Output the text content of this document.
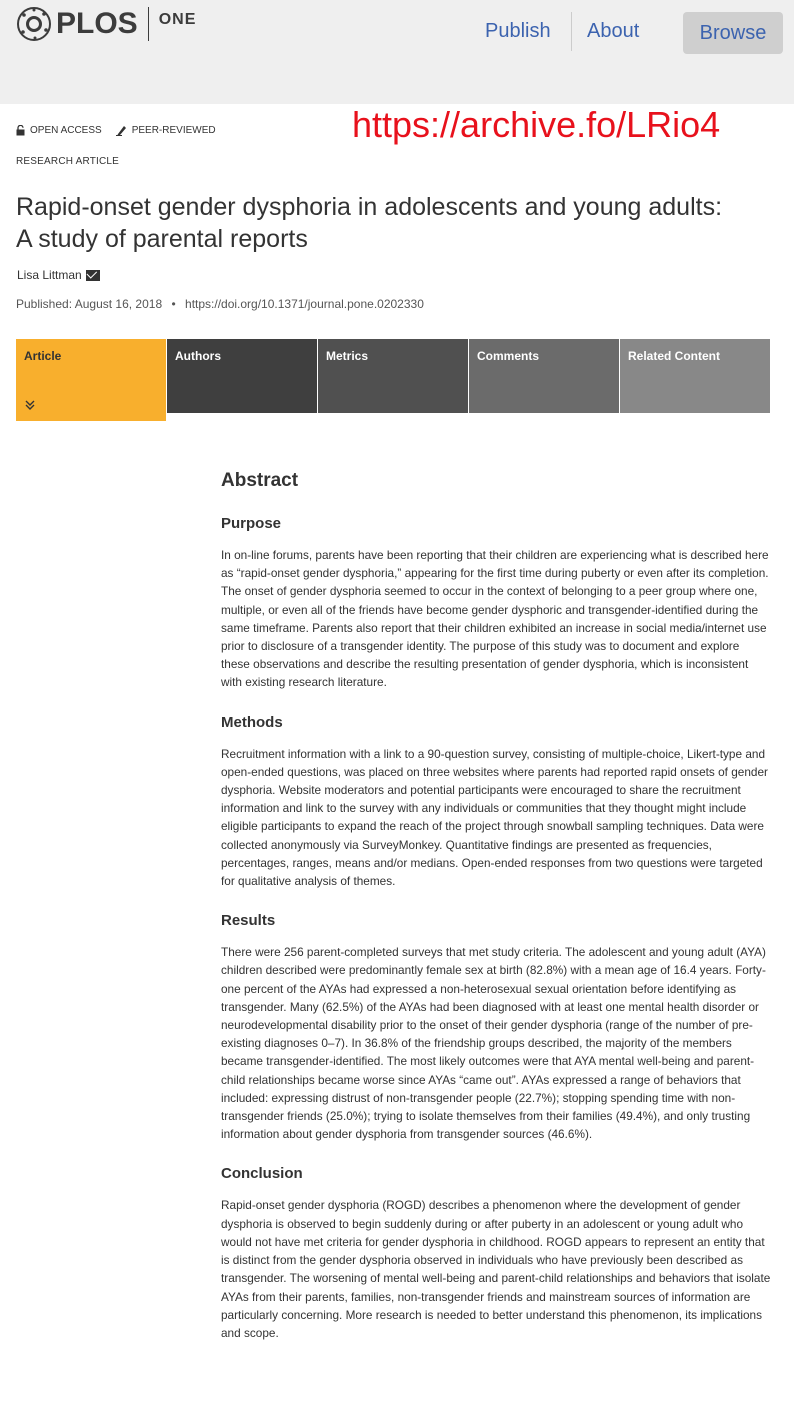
PLOS ONE
Publish About	Browse
OPEN ACCESS	PEER-REVIEWED	https://archive.fo/LRio4
RESEARCH ARTICLE
Rapid-onset gender dysphoria in adolescents and young adults: A study of parental reports
Lisa Littman
Published: August 16, 2018 • https://doi.org/10.1371/journal.pone.0202330
Article	Authors	Metrics	Comments	Related Content
Abstract
Purpose

In on-line forums, parents have been reporting that their children are experiencing what is described here as “rapid-onset gender dysphoria,” appearing for the first time during puberty or even after its completion. The onset of gender dysphoria seemed to occur in the context of belonging to a peer group where one, multiple, or even all of the friends have become gender dysphoric and transgender-identified during the same timeframe. Parents also report that their children exhibited an increase in social media/internet use prior to disclosure of a transgender identity. The purpose of this study was to document and explore these observations and describe the resulting presentation of gender dysphoria, which is inconsistent with existing research literature.

Methods

Recruitment information with a link to a 90-question survey, consisting of multiple-choice, Likert-type and open-ended questions, was placed on three websites where parents had reported rapid onsets of gender dysphoria. Website moderators and potential participants were encouraged to share the recruitment information and link to the survey with any individuals or communities that they thought might include eligible participants to expand the reach of the project through snowball sampling techniques. Data were collected anonymously via SurveyMonkey. Quantitative findings are presented as frequencies, percentages, ranges, means and/or medians. Open-ended responses from two questions were targeted for qualitative analysis of themes.

Results

There were 256 parent-completed surveys that met study criteria. The adolescent and young adult (AYA) children described were predominantly female sex at birth (82.8%) with a mean age of 16.4 years. Forty-one percent of the AYAs had expressed a non-heterosexual sexual orientation before identifying as transgender. Many (62.5%) of the AYAs had been diagnosed with at least one mental health disorder or neurodevelopmental disability prior to the onset of their gender dysphoria (range of the number of pre-existing diagnoses 0–7). In 36.8% of the friendship groups described, the majority of the members became transgender-identified. The most likely outcomes were that AYA mental well-being and parent-child relationships became worse since AYAs “came out”. AYAs expressed a range of behaviors that included: expressing distrust of non-transgender people (22.7%); stopping spending time with non-transgender friends (25.0%); trying to isolate themselves from their families (49.4%), and only trusting information about gender dysphoria from transgender sources (46.6%).

Conclusion

Rapid-onset gender dysphoria (ROGD) describes a phenomenon where the development of gender dysphoria is observed to begin suddenly during or after puberty in an adolescent or young adult who would not have met criteria for gender dysphoria in childhood. ROGD appears to represent an entity that is distinct from the gender dysphoria observed in individuals who have previously been described as transgender. The worsening of mental well-being and parent-child relationships and behaviors that isolate AYAs from their parents, families, non-transgender friends and mainstream sources of information are particularly concerning. More research is needed to better understand this phenomenon, its implications and scope.
